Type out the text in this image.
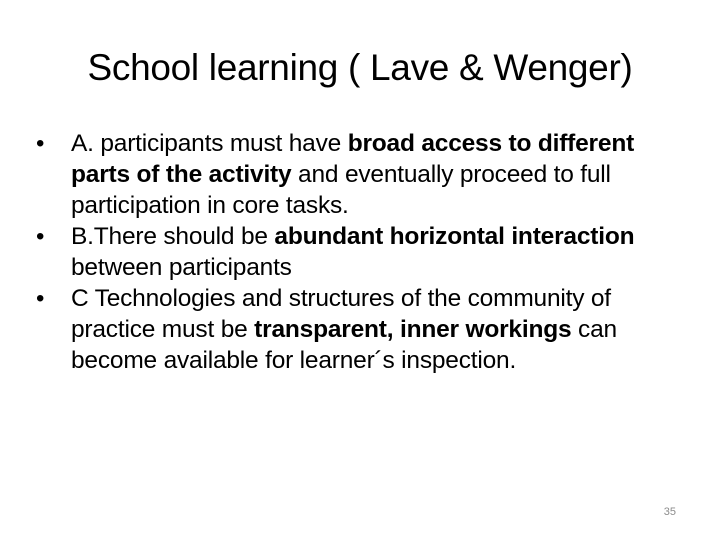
School learning ( Lave & Wenger)
•	A. participants must have broad access to different parts of the activity and eventually proceed to full participation in core tasks.
•	B.There should be abundant horizontal interaction between participants
•	C Technologies and structures of the community of practice must be transparent, inner workings can become available for learner´s inspection.
35
